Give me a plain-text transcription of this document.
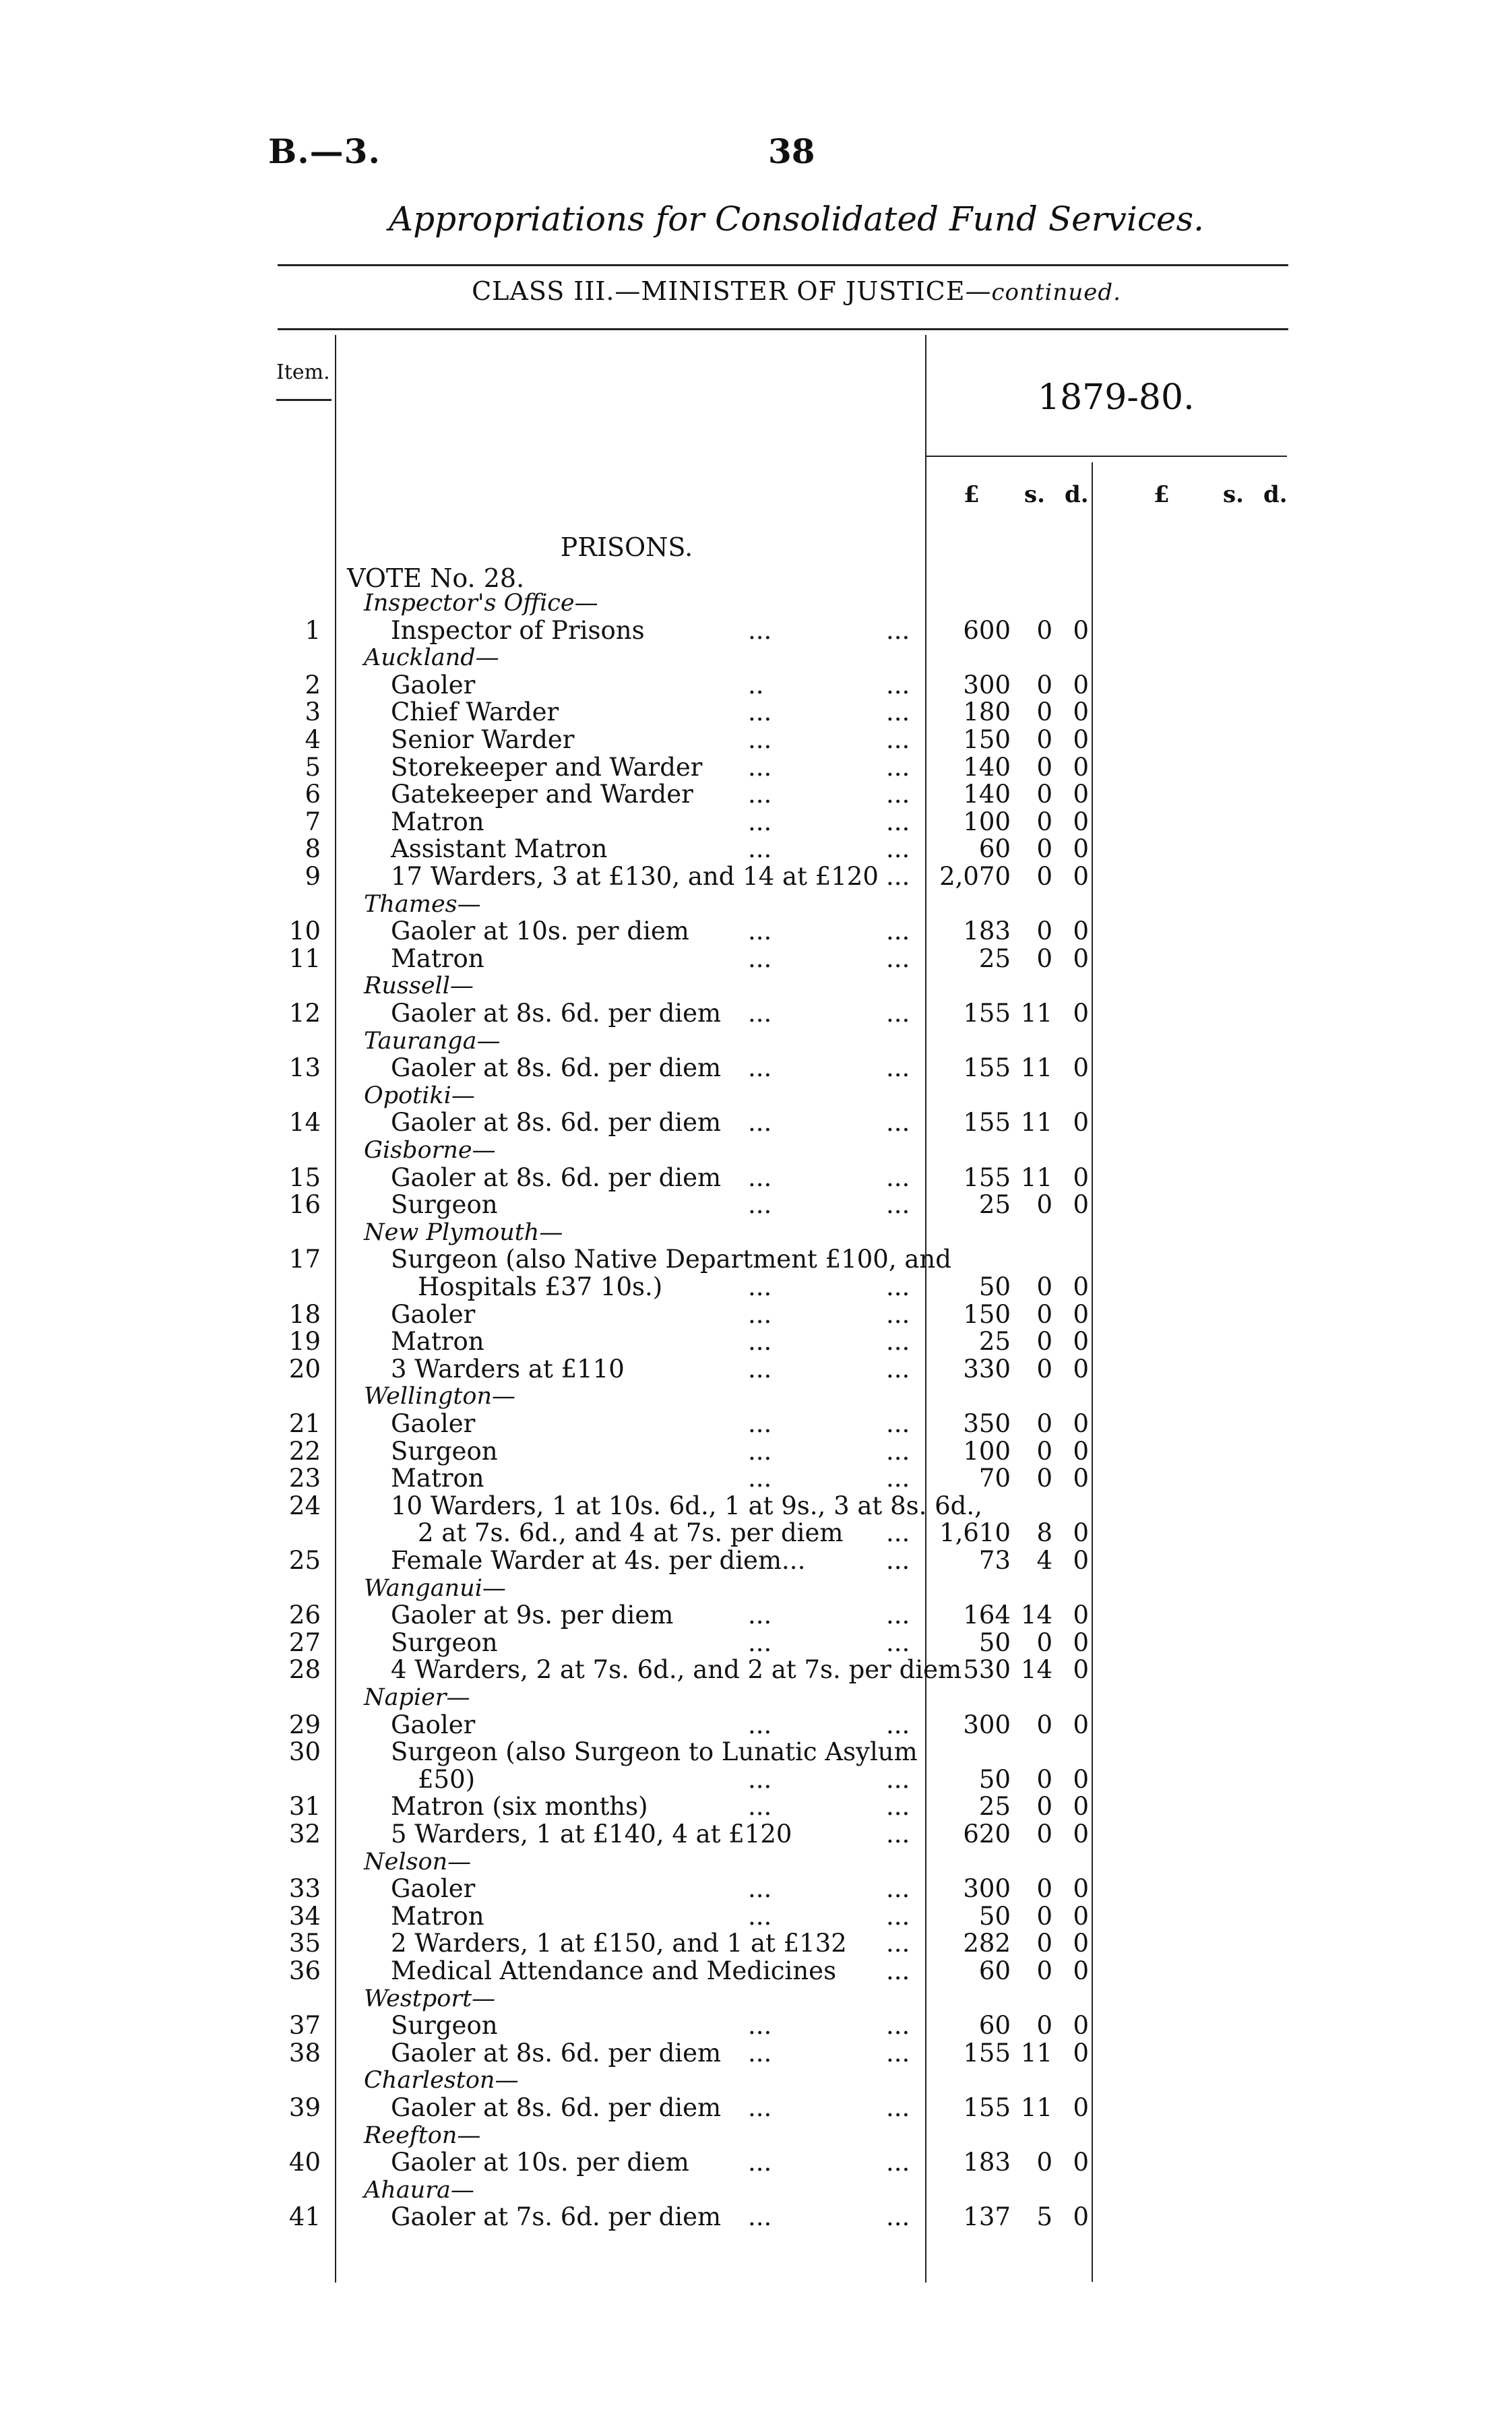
B.—3.	38
Appropriations for Consolidated Fund Services.
CLASS III.—MINISTER OF JUSTICE—continued.
Item.
1879-80.
£ s. d.	£ s. d.
PRISONS.
VOTE No. 28.
Inspector's Office—
1	Inspector of Prisons	...	...	600	0 0
Auckland—
2	Gaoler	..	...	300	0 0
3	Chief Warder	...	...	180	0 0
4	Senior Warder	...	...	150	0 0
5	Storekeeper and Warder ...	...	140	0 0
6	Gatekeeper and Warder ...	...	140	0 0
7	Matron	...	...	100	0 0
8	Assistant Matron	...	...	60	0 0
9	17 Warders, 3 at £130, and 14 at £120 ...	2,070	0 0
Thames—
10	Gaoler at 10s. per diem ...	...	183	0 0
11	Matron	...	...	25	0 0
Russell—
12	Gaoler at 8s. 6d. per diem ...	...	155 11 0
Tauranga—
13	Gaoler at 8s. 6d. per diem ...	...	155 11 0
Opotiki—
14	Gaoler at 8s. 6d. per diem ...	...	155 11 0
Gisborne—
15	Gaoler at 8s. 6d. per diem ...	...	155 11 0
16	Surgeon	...	...	25	0 0
New Plymouth—
17	Surgeon (also Native Department £100, and
Hospitals £37 10s.)	...	...	50	0 0
18	Gaoler	...	...	150	0 0
19	Matron	...	...	25	0 0
20	3 Warders at £110	...	...	330	0 0
Wellington—
21	Gaoler	...	...	350	0 0
22	Surgeon	...	...	100	0 0
23	Matron	...	...	70	0 0
24	10 Warders, 1 at 10s. 6d., 1 at 9s., 3 at 8s. 6d.,
2 at 7s. 6d., and 4 at 7s. per diem ...	1,610	8 0
25	Female Warder at 4s. per diem...	...	73	4 0
Wanganui—
26	Gaoler at 9s. per diem	...	...	164 14 0
27	Surgeon	...	...	50	0 0
28	4 Warders, 2 at 7s. 6d., and 2 at 7s. per diem 530 14 0
Napier—
29	Gaoler	...	...	300	0 0
30	Surgeon (also Surgeon to Lunatic Asylum
£50)	...	...	50	0 0
31	Matron (six months)	...	...	25	0 0
32	5 Warders, 1 at £140, 4 at £120	...	620	0 0
Nelson—
33	Gaoler	...	...	300	0 0
34	Matron	...	...	50	0 0
35	2 Warders, 1 at £150, and 1 at £132 ...	282	0 0
36	Medical Attendance and Medicines ...	60	0 0
Westport—
37	Surgeon	...	...	60	0 0
38	Gaoler at 8s. 6d. per diem ...	...	155 11 0
Charleston—
39	Gaoler at 8s. 6d. per diem ...	...	155 11 0
Reefton—
40	Gaoler at 10s. per diem ...	...	183	0 0
Ahaura—
41	Gaoler at 7s. 6d. per diem ...	...	137	5 0
